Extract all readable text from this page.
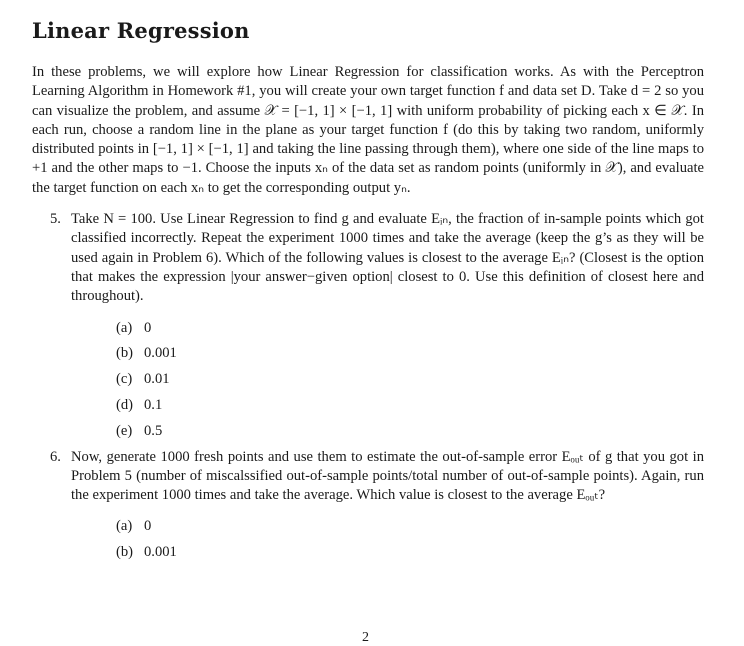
Linear Regression

In these problems, we will explore how Linear Regression for classification works. As with the Perceptron Learning Algorithm in Homework #1, you will create your own target function f and data set D. Take d = 2 so you can visualize the problem, and assume 𝒳 = [−1, 1] × [−1, 1] with uniform probability of picking each x ∈ 𝒳. In each run, choose a random line in the plane as your target function f (do this by taking two random, uniformly distributed points in [−1, 1] × [−1, 1] and taking the line passing through them), where one side of the line maps to +1 and the other maps to −1. Choose the inputs xₙ of the data set as random points (uniformly in 𝒳), and evaluate the target function on each xₙ to get the corresponding output yₙ.

5. Take N = 100. Use Linear Regression to find g and evaluate Eᵢₙ, the fraction of in-sample points which got classified incorrectly. Repeat the experiment 1000 times and take the average (keep the g’s as they will be used again in Problem 6). Which of the following values is closest to the average Eᵢₙ? (Closest is the option that makes the expression |your answer−given option| closest to 0. Use this definition of closest here and throughout).

(a) 0
(b) 0.001
(c) 0.01
(d) 0.1
(e) 0.5
6. Now, generate 1000 fresh points and use them to estimate the out-of-sample error Eₒᵤₜ of g that you got in Problem 5 (number of miscalssified out-of-sample points/total number of out-of-sample points). Again, run the experiment 1000 times and take the average. Which value is closest to the average Eₒᵤₜ?

(a) 0
(b) 0.001
2
